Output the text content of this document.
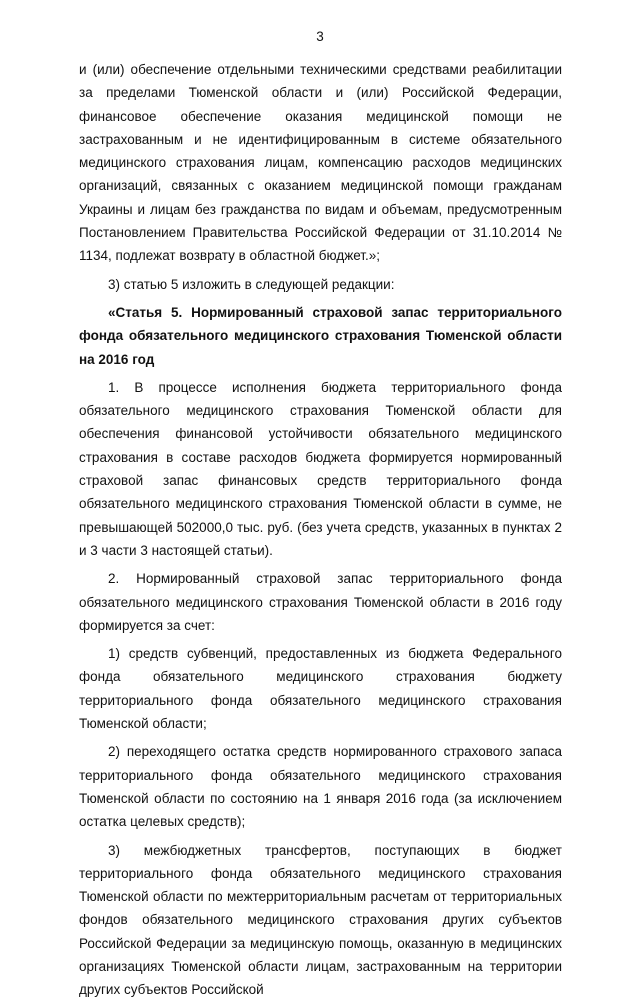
3

и (или) обеспечение отдельными техническими средствами реабилитации за пределами Тюменской области и (или) Российской Федерации, финансовое обеспечение оказания медицинской помощи не застрахованным и не идентифицированным в системе обязательного медицинского страхования лицам, компенсацию расходов медицинских организаций, связанных с оказанием медицинской помощи гражданам Украины и лицам без гражданства по видам и объемам, предусмотренным Постановлением Правительства Российской Федерации от 31.10.2014 № 1134, подлежат возврату в областной бюджет.»;

3) статью 5 изложить в следующей редакции:

«Статья 5. Нормированный страховой запас территориального фонда обязательного медицинского страхования Тюменской области на 2016 год

1. В процессе исполнения бюджета территориального фонда обязательного медицинского страхования Тюменской области для обеспечения финансовой устойчивости обязательного медицинского страхования в составе расходов бюджета формируется нормированный страховой запас финансовых средств территориального фонда обязательного медицинского страхования Тюменской области в сумме, не превышающей 502000,0 тыс. руб. (без учета средств, указанных в пунктах 2 и 3 части 3 настоящей статьи).

2. Нормированный страховой запас территориального фонда обязательного медицинского страхования Тюменской области в 2016 году формируется за счет:

1) средств субвенций, предоставленных из бюджета Федерального фонда обязательного медицинского страхования бюджету территориального фонда обязательного медицинского страхования Тюменской области;

2) переходящего остатка средств нормированного страхового запаса территориального фонда обязательного медицинского страхования Тюменской области по состоянию на 1 января 2016 года (за исключением остатка целевых средств);

3) межбюджетных трансфертов, поступающих в бюджет территориального фонда обязательного медицинского страхования Тюменской области по межтерриториальным расчетам от территориальных фондов обязательного медицинского страхования других субъектов Российской Федерации за медицинскую помощь, оказанную в медицинских организациях Тюменской области лицам, застрахованным на территории других субъектов Российской
